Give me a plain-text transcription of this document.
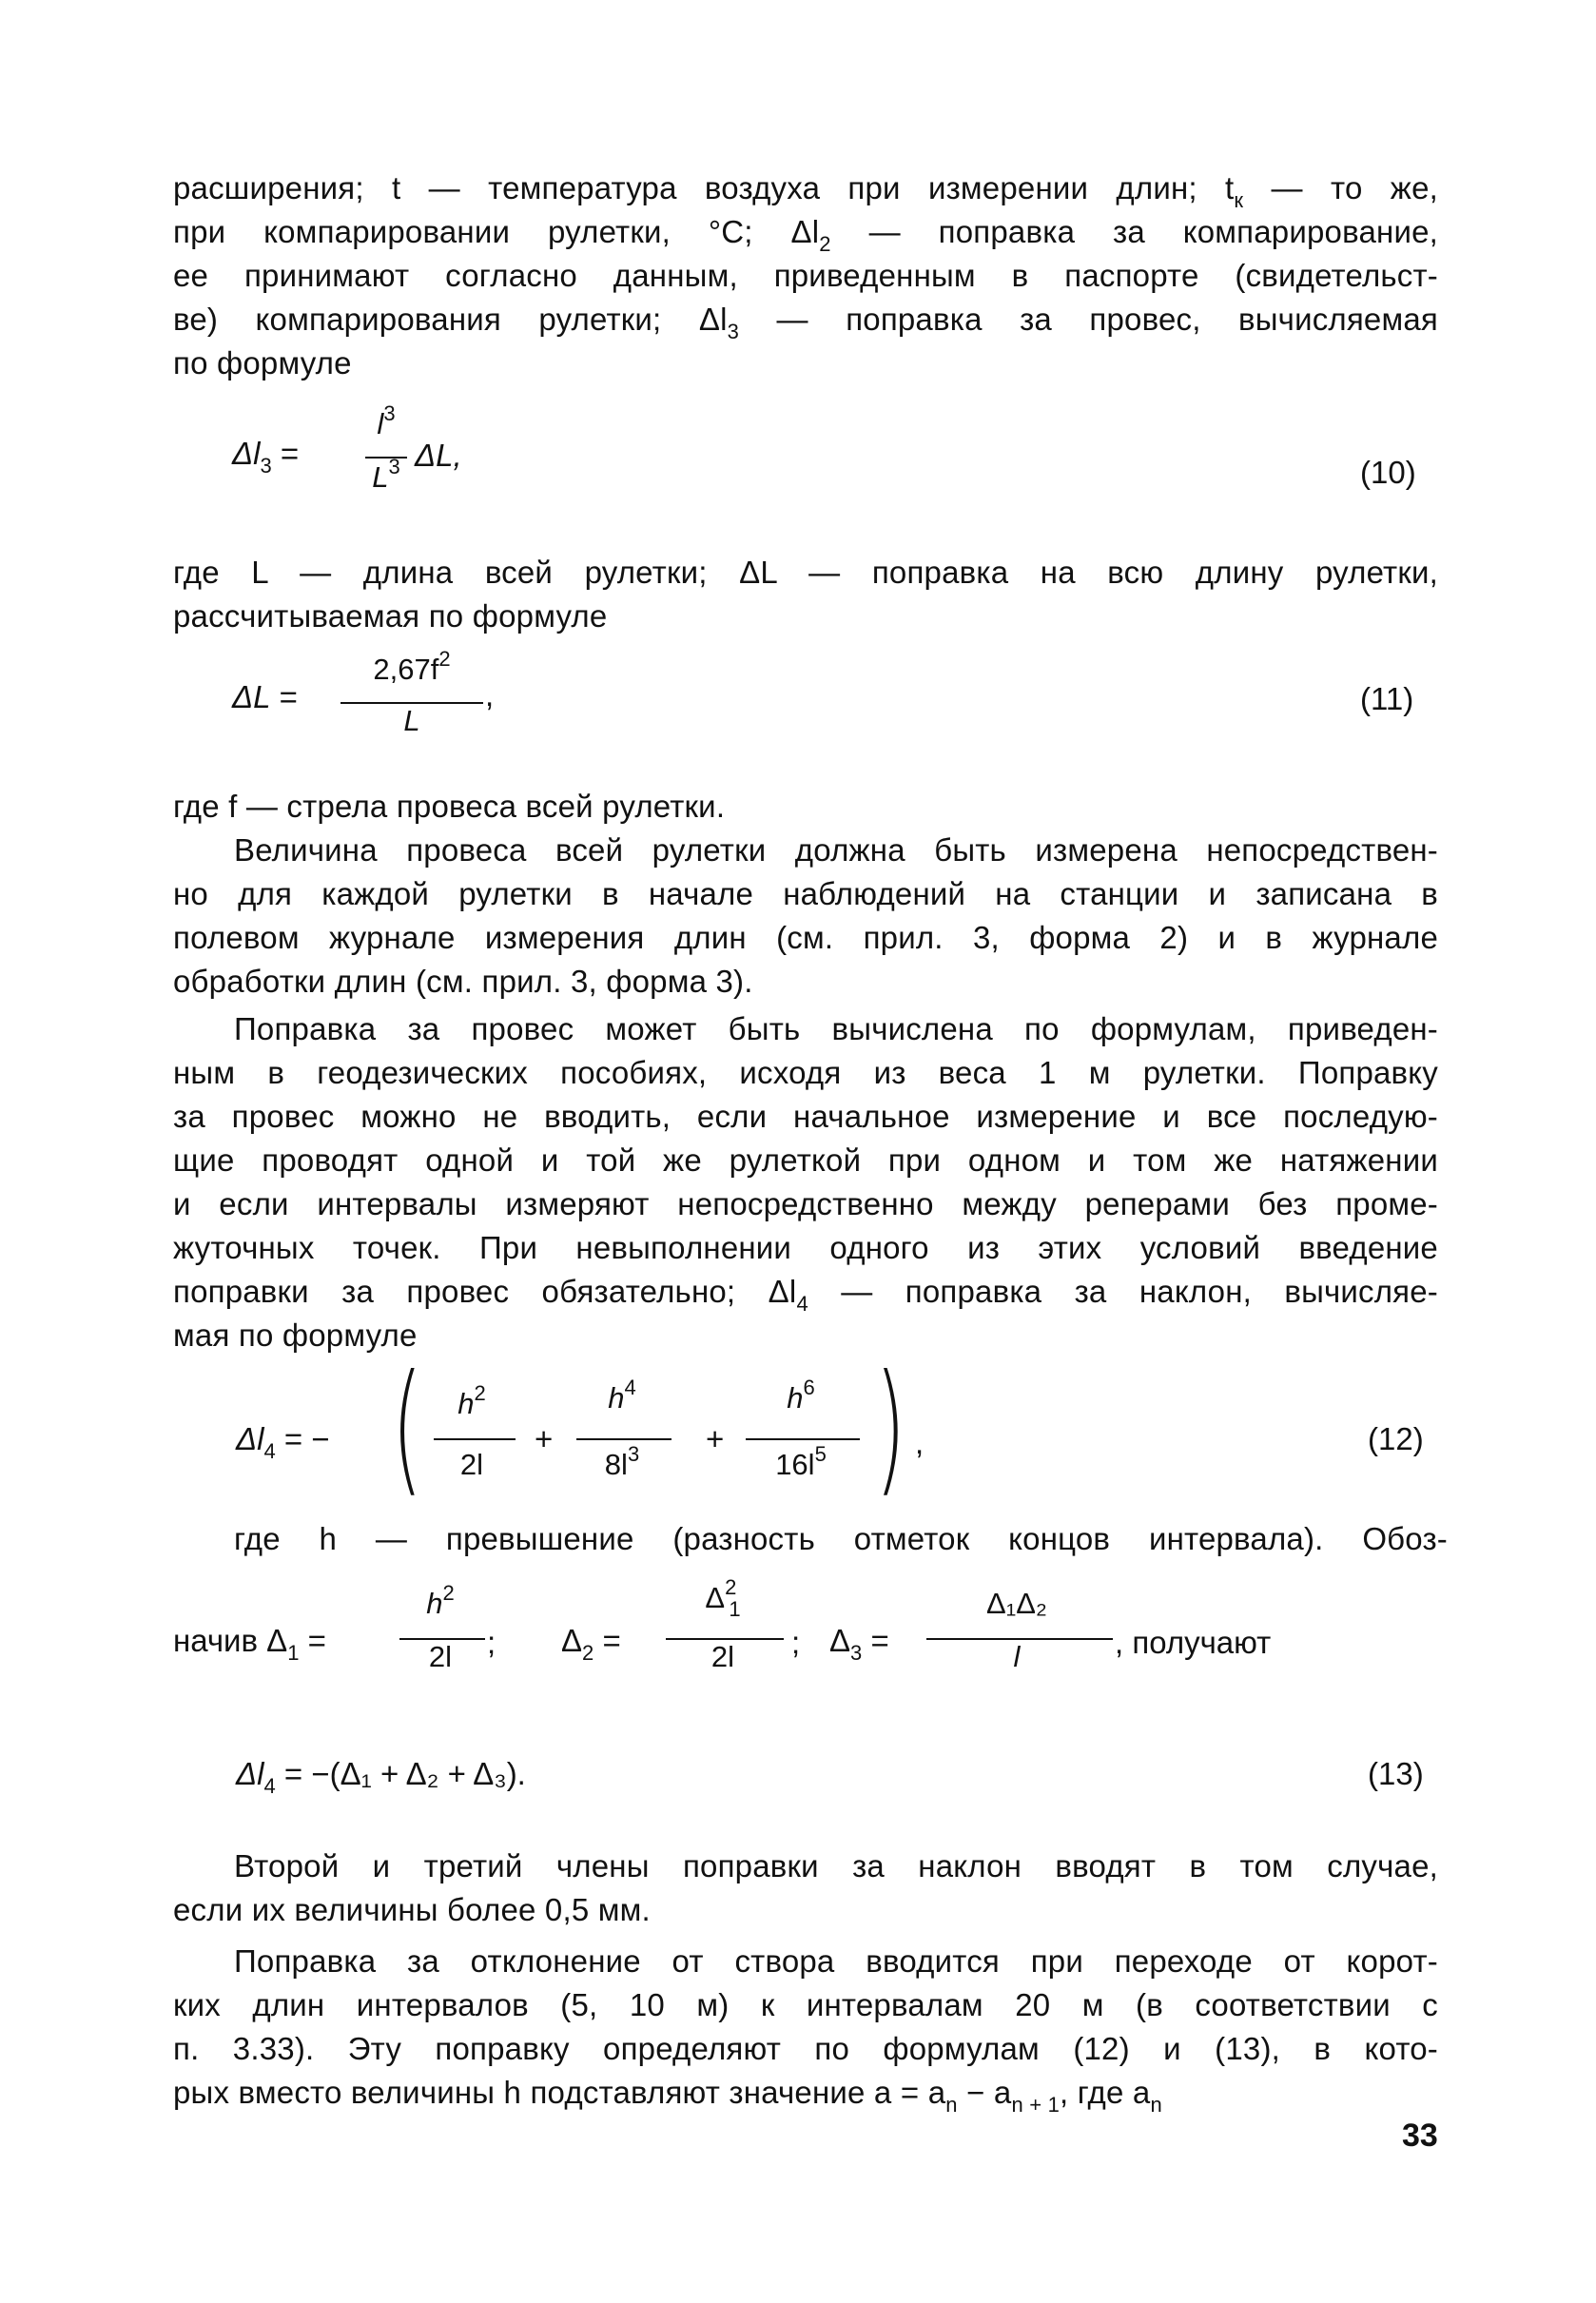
расширения; t — температура воздуха при измерении длин; $t_к$ — то же,
при компарировании рулетки, °С; $\Delta l_2$ — поправка за компарирование,
ее принимают согласно данным, приведенным в паспорте (свидетельст-
ве) компарирования рулетки; $\Delta l_3$ — поправка за провес, вычисляемая
по формуле
$\Delta l_3$ =
$l^3$
$L^3$ ΔL,	(10)
где L — длина всей рулетки; ΔL — поправка на всю длину рулетки,
рассчитываемая по формуле
ΔL =
$2,67f^2$
L
,	(11)
где f — стрела провеса всей рулетки.
Величина провеса всей рулетки должна быть измерена непосредствен-
но для каждой рулетки в начале наблюдений на станции и записана в
полевом журнале измерения длин (см. прил. 3, форма 2) и в журнале
обработки длин (см. прил. 3, форма 3).
Поправка за провес может быть вычислена по формулам, приведен-
ным в геодезических пособиях, исходя из веса 1 м рулетки. Поправку
за провес можно не вводить, если начальное измерение и все последую-
щие проводят одной и той же рулеткой при одном и том же натяжении
и если интервалы измеряют непосредственно между реперами без проме-
жуточных точек. При невыполнении одного из этих условий введение
поправки за провес обязательно; $\Delta l_4$ — поправка за наклон, вычисляе-
мая по формуле
$\Delta l_4$ = − (	$h^2$
2l
+
$h^4$
$8l^3$	+
$h^6$
$16l^5$ ) ,	(12)
где h — превышение (разность отметок концов интервала). Обоз-
начив $\Delta_1$ =
$h^2$
2l	; $\Delta_2$ =
$\Delta^2_1$
2l	; $\Delta_3$ =
Δ₁Δ₂
l	, получают
$\Delta l_4 = -(\Delta_1 + \Delta_2 + \Delta_3)$.	(13)
Второй и третий члены поправки за наклон вводят в том случае,
если их величины более 0,5 мм.
Поправка за отклонение от створа вводится при переходе от корот-
ких длин интервалов (5, 10 м) к интервалам 20 м (в соответствии с
п. 3.33). Эту поправку определяют по формулам (12) и (13), в кото-
рых вместо величины h подставляют значение $a = a_n - a_{n + 1}$, где $a_n$
33
